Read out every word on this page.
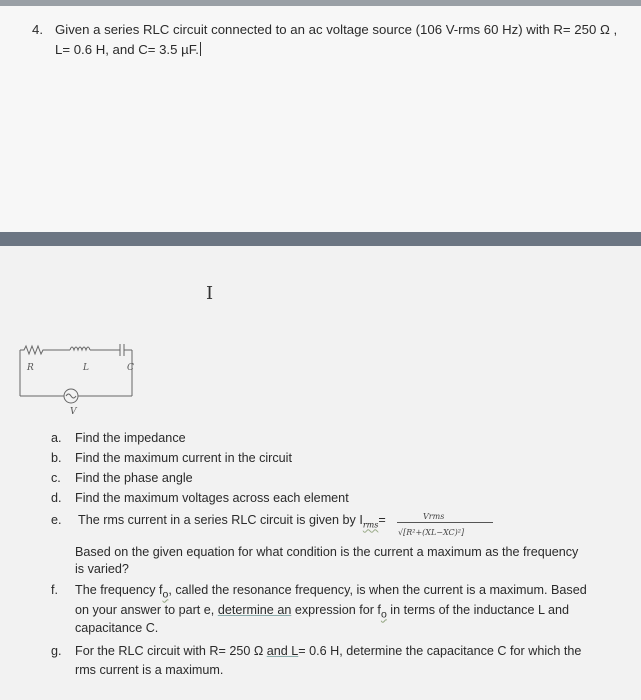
4. Given a series RLC circuit connected to an ac voltage source (106 V-rms 60 Hz) with R= 250 Ω ,
L= 0.6 H, and C= 3.5 µF.
I
R	L	C
V
a. Find the impedance
b. Find the maximum current in the circuit
c. Find the phase angle
d. Find the maximum voltages across each element
e. The rms current in a series RLC circuit is given by $I_{rms}=$	Vrms
√[R²+(XL−XC)²]
Based on the given equation for what condition is the current a maximum as the frequency
is varied?
f. The frequency $f_o$, called the resonance frequency, is when the current is a maximum. Based
on your answer to part e, determine an expression for $f_o$ in terms of the inductance L and
capacitance C.
g. For the RLC circuit with R= 250 Ω and L= 0.6 H, determine the capacitance C for which the
rms current is a maximum.
